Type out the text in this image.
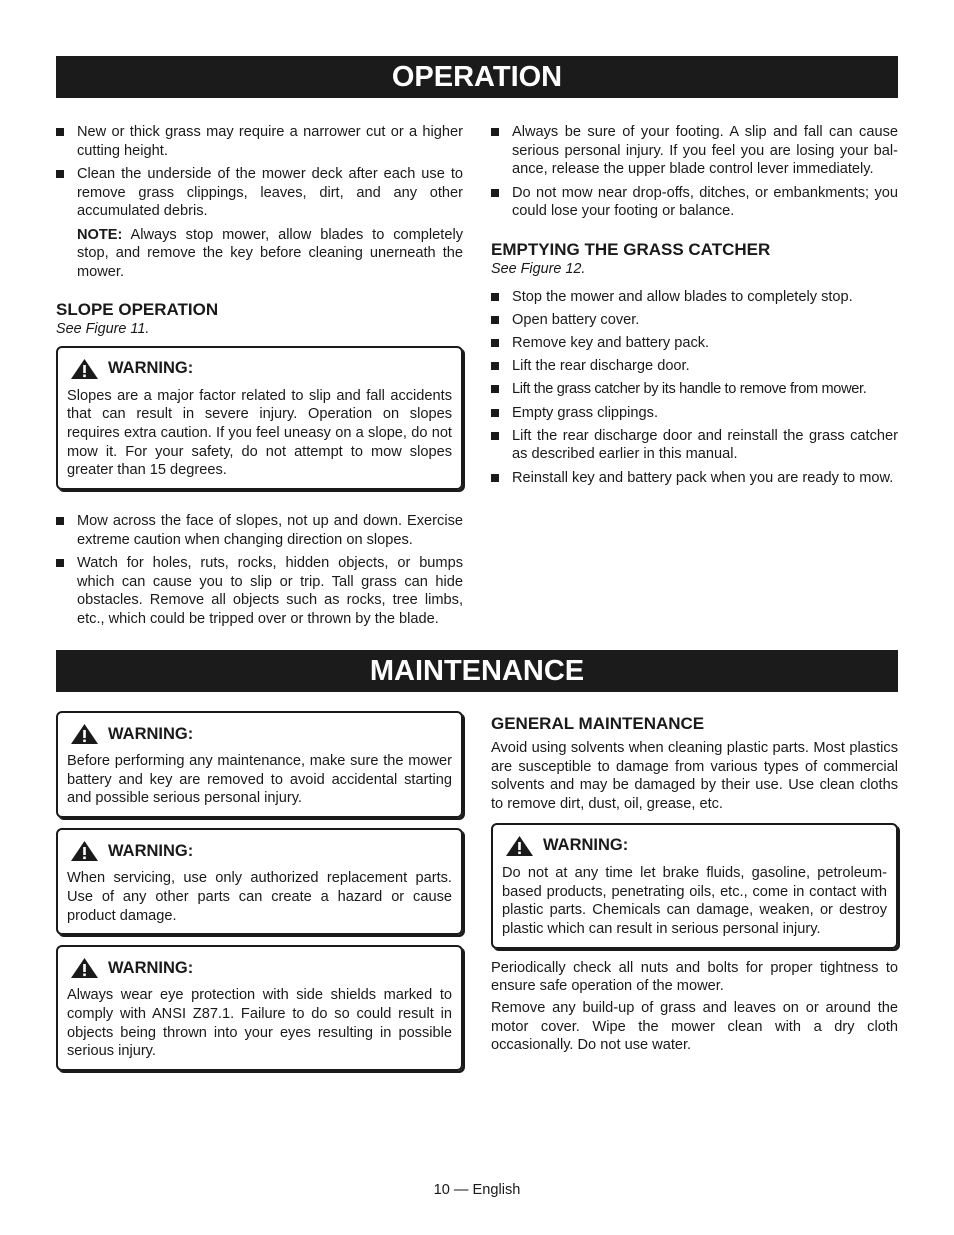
OPERATION
New or thick grass may require a narrower cut or a higher cutting height.
Clean the underside of the mower deck after each use to remove grass clippings, leaves, dirt, and any other accumulated debris.

NOTE: Always stop mower, allow blades to completely stop, and remove the key before cleaning unerneath the mower.

SLOPE OPERATION

See Figure 11.

WARNING:

Slopes are a major factor related to slip and fall accidents that can result in severe injury. Operation on slopes requires extra caution. If you feel uneasy on a slope, do not mow it. For your safety, do not attempt to mow slopes greater than 15 degrees.

Mow across the face of slopes, not up and down. Exercise extreme caution when changing direction on slopes.
Watch for holes, ruts, rocks, hidden objects, or bumps which can cause you to slip or trip. Tall grass can hide obstacles. Remove all objects such as rocks, tree limbs, etc., which could be tripped over or thrown by the blade.
Always be sure of your footing. A slip and fall can cause serious personal injury. If you feel you are losing your bal-ance, release the upper blade control lever immediately.
Do not mow near drop-offs, ditches, or embankments; you could lose your footing or balance.

EMPTYING THE GRASS CATCHER

See Figure 12.

Stop the mower and allow blades to completely stop.
Open battery cover.
Remove key and battery pack.
Lift the rear discharge door.
Lift the grass catcher by its handle to remove from mower.
Empty grass clippings.
Lift the rear discharge door and reinstall the grass catcher as described earlier in this manual.
Reinstall key and battery pack when you are ready to mow.
MAINTENANCE
WARNING:

Before performing any maintenance, make sure the mower battery and key are removed to avoid accidental starting and possible serious personal injury.

WARNING:

When servicing, use only authorized replacement parts. Use of any other parts can create a hazard or cause product damage.

WARNING:

Always wear eye protection with side shields marked to comply with ANSI Z87.1. Failure to do so could result in objects being thrown into your eyes resulting in possible serious injury.

GENERAL MAINTENANCE

Avoid using solvents when cleaning plastic parts. Most plastics are susceptible to damage from various types of commercial solvents and may be damaged by their use. Use clean cloths to remove dirt, dust, oil, grease, etc.

WARNING:

Do not at any time let brake fluids, gasoline, petroleum-based products, penetrating oils, etc., come in contact with plastic parts. Chemicals can damage, weaken, or destroy plastic which can result in serious personal injury.

Periodically check all nuts and bolts for proper tightness to ensure safe operation of the mower.

Remove any build-up of grass and leaves on or around the motor cover. Wipe the mower clean with a dry cloth occasionally. Do not use water.

10 — English
